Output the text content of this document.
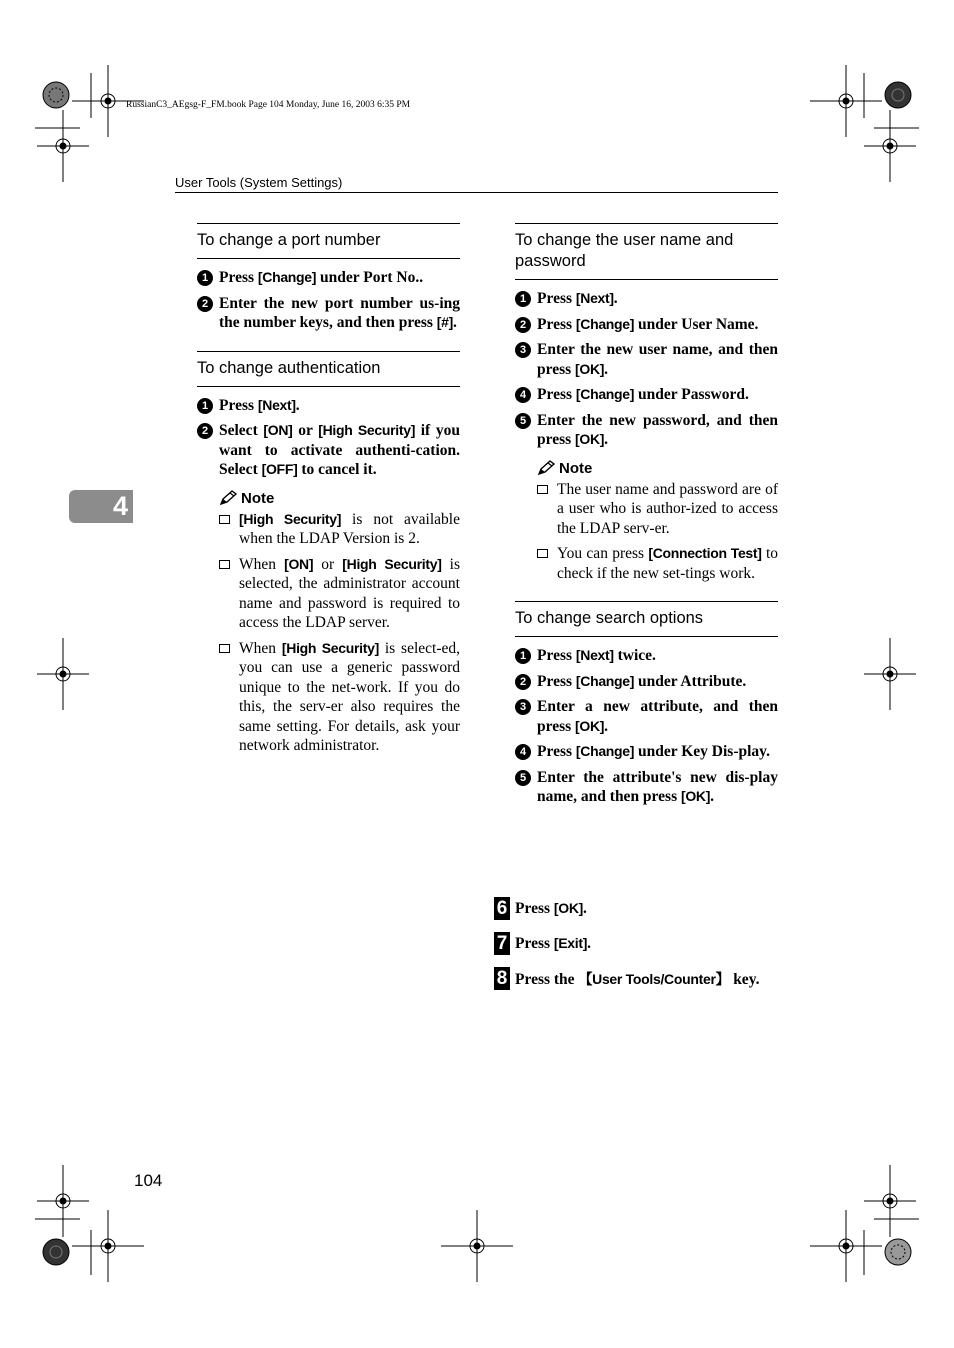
RussianC3_AEgsg-F_FM.book Page 104 Monday, June 16, 2003 6:35 PM
User Tools (System Settings)
4
To change a port number
1 Press [Change] under Port No..
2 Enter the new port number us-ing the number keys, and then press [#].
To change authentication
1 Press [Next].
2 Select [ON] or [High Security] if you want to activate authenti-cation. Select [OFF] to cancel it.
Note
[High Security] is not available when the LDAP Version is 2.
When [ON] or [High Security] is selected, the administrator account name and password is required to access the LDAP server.
When [High Security] is select-ed, you can use a generic password unique to the net-work. If you do this, the serv-er also requires the same setting. For details, ask your network administrator.
To change the user name and password
1 Press [Next].
2 Press [Change] under User Name.
3 Enter the new user name, and then press [OK].
4 Press [Change] under Password.
5 Enter the new password, and then press [OK].
Note
The user name and password are of a user who is author-ized to access the LDAP serv-er.
You can press [Connection Test] to check if the new set-tings work.
To change search options
1 Press [Next] twice.
2 Press [Change] under Attribute.
3 Enter a new attribute, and then press [OK].
4 Press [Change] under Key Dis-play.
5 Enter the attribute's new dis-play name, and then press [OK].
6 Press [OK].
7 Press [Exit].
8 Press the 【User Tools/Counter】 key.
104
